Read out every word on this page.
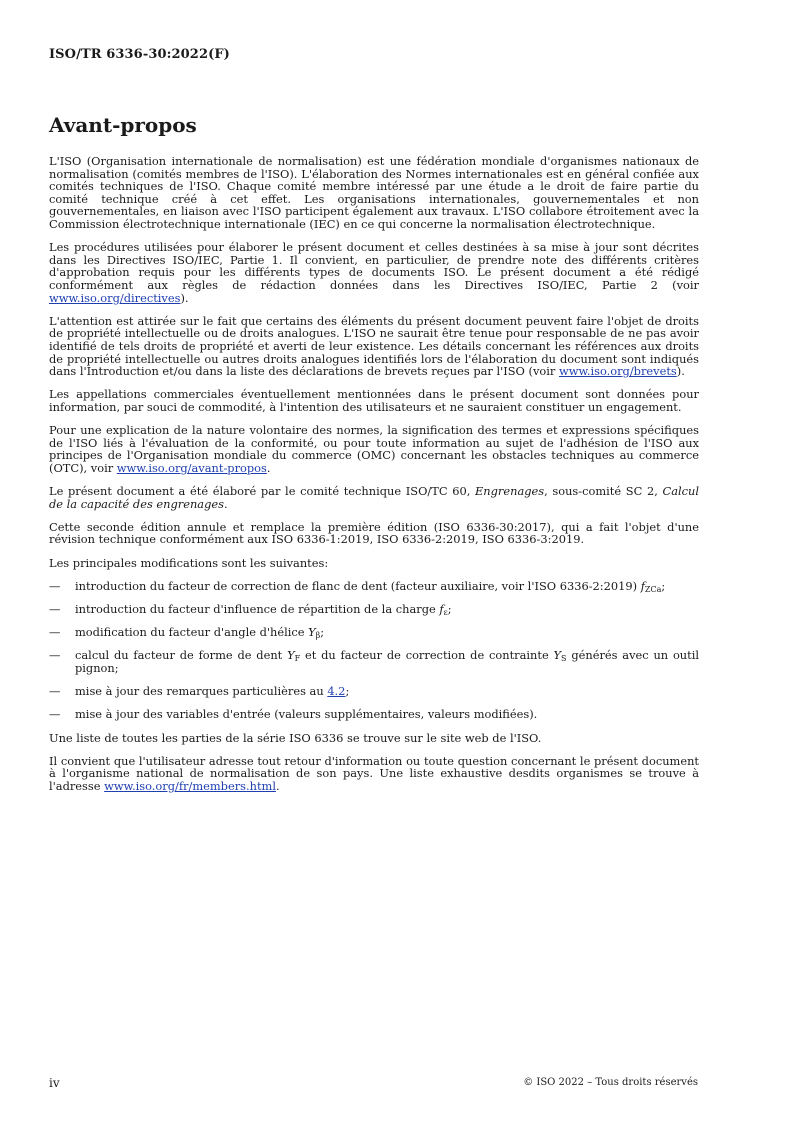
ISO/TR 6336-30:2022(F)
Avant-propos

L'ISO (Organisation internationale de normalisation) est une fédération mondiale d'organismes nationaux de normalisation (comités membres de l'ISO). L'élaboration des Normes internationales est en général confiée aux comités techniques de l'ISO. Chaque comité membre intéressé par une étude a le droit de faire partie du comité technique créé à cet effet. Les organisations internationales, gouvernementales et non gouvernementales, en liaison avec l'ISO participent également aux travaux. L'ISO collabore étroitement avec la Commission électrotechnique internationale (IEC) en ce qui concerne la normalisation électrotechnique.

Les procédures utilisées pour élaborer le présent document et celles destinées à sa mise à jour sont décrites dans les Directives ISO/IEC, Partie 1. Il convient, en particulier, de prendre note des différents critères d'approbation requis pour les différents types de documents ISO. Le présent document a été rédigé conformément aux règles de rédaction données dans les Directives ISO/IEC, Partie 2 (voir www.iso.org/directives).

L'attention est attirée sur le fait que certains des éléments du présent document peuvent faire l'objet de droits de propriété intellectuelle ou de droits analogues. L'ISO ne saurait être tenue pour responsable de ne pas avoir identifié de tels droits de propriété et averti de leur existence. Les détails concernant les références aux droits de propriété intellectuelle ou autres droits analogues identifiés lors de l'élaboration du document sont indiqués dans l'Introduction et/ou dans la liste des déclarations de brevets reçues par l'ISO (voir www.iso.org/brevets).

Les appellations commerciales éventuellement mentionnées dans le présent document sont données pour information, par souci de commodité, à l'intention des utilisateurs et ne sauraient constituer un engagement.

Pour une explication de la nature volontaire des normes, la signification des termes et expressions spécifiques de l'ISO liés à l'évaluation de la conformité, ou pour toute information au sujet de l'adhésion de l'ISO aux principes de l'Organisation mondiale du commerce (OMC) concernant les obstacles techniques au commerce (OTC), voir www.iso.org/avant-propos.

Le présent document a été élaboré par le comité technique ISO/TC 60, Engrenages, sous-comité SC 2, Calcul de la capacité des engrenages.

Cette seconde édition annule et remplace la première édition (ISO 6336-30:2017), qui a fait l'objet d'une révision technique conformément aux ISO 6336-1:2019, ISO 6336-2:2019, ISO 6336-3:2019.

Les principales modifications sont les suivantes:

— introduction du facteur de correction de flanc de dent (facteur auxiliaire, voir l'ISO 6336-2:2019) $f_{ZCa}$;
— introduction du facteur d'influence de répartition de la charge $f_\varepsilon$;
— modification du facteur d'angle d'hélice $Y_\beta$;
— calcul du facteur de forme de dent $Y_F$ et du facteur de correction de contrainte $Y_S$ générés avec un outil pignon;
— mise à jour des remarques particulières au 4.2;
— mise à jour des variables d'entrée (valeurs supplémentaires, valeurs modifiées).

Une liste de toutes les parties de la série ISO 6336 se trouve sur le site web de l'ISO.

Il convient que l'utilisateur adresse tout retour d'information ou toute question concernant le présent document à l'organisme national de normalisation de son pays. Une liste exhaustive desdits organismes se trouve à l'adresse www.iso.org/fr/members.html.

iv	© ISO 2022 – Tous droits réservés
